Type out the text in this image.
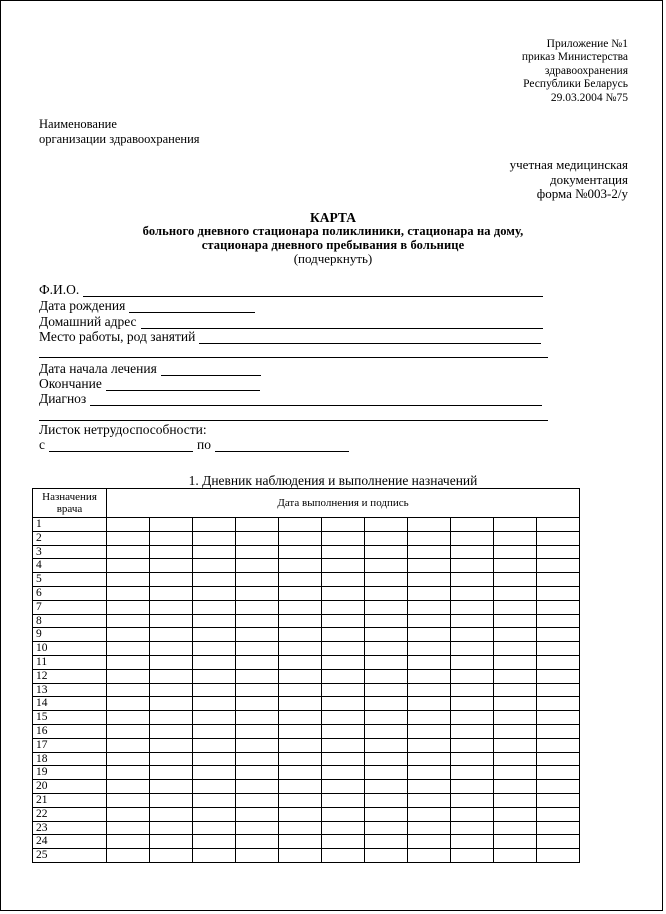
Приложение №1
приказ Министерства
здравоохранения
Республики Беларусь
29.03.2004 №75
Наименование
организации здравоохранения
учетная медицинская
документация
форма №003-2/у
КАРТА
больного дневного стационара поликлиники, стационара на дому,
стационара дневного пребывания в больнице
(подчеркнуть)
Ф.И.О.
Дата рождения
Домашний адрес
Место работы, род занятий
Дата начала лечения
Окончание
Диагноз
Листок нетрудоспособности:
с	по
1. Дневник наблюдения и выполнение назначений
Назначения
врача	Дата выполнения и подпись										
1											
2											
3											
4											
5											
6											
7											
8											
9											
10											
11											
12											
13											
14											
15											
16											
17											
18											
19											
20											
21											
22											
23											
24											
25											
